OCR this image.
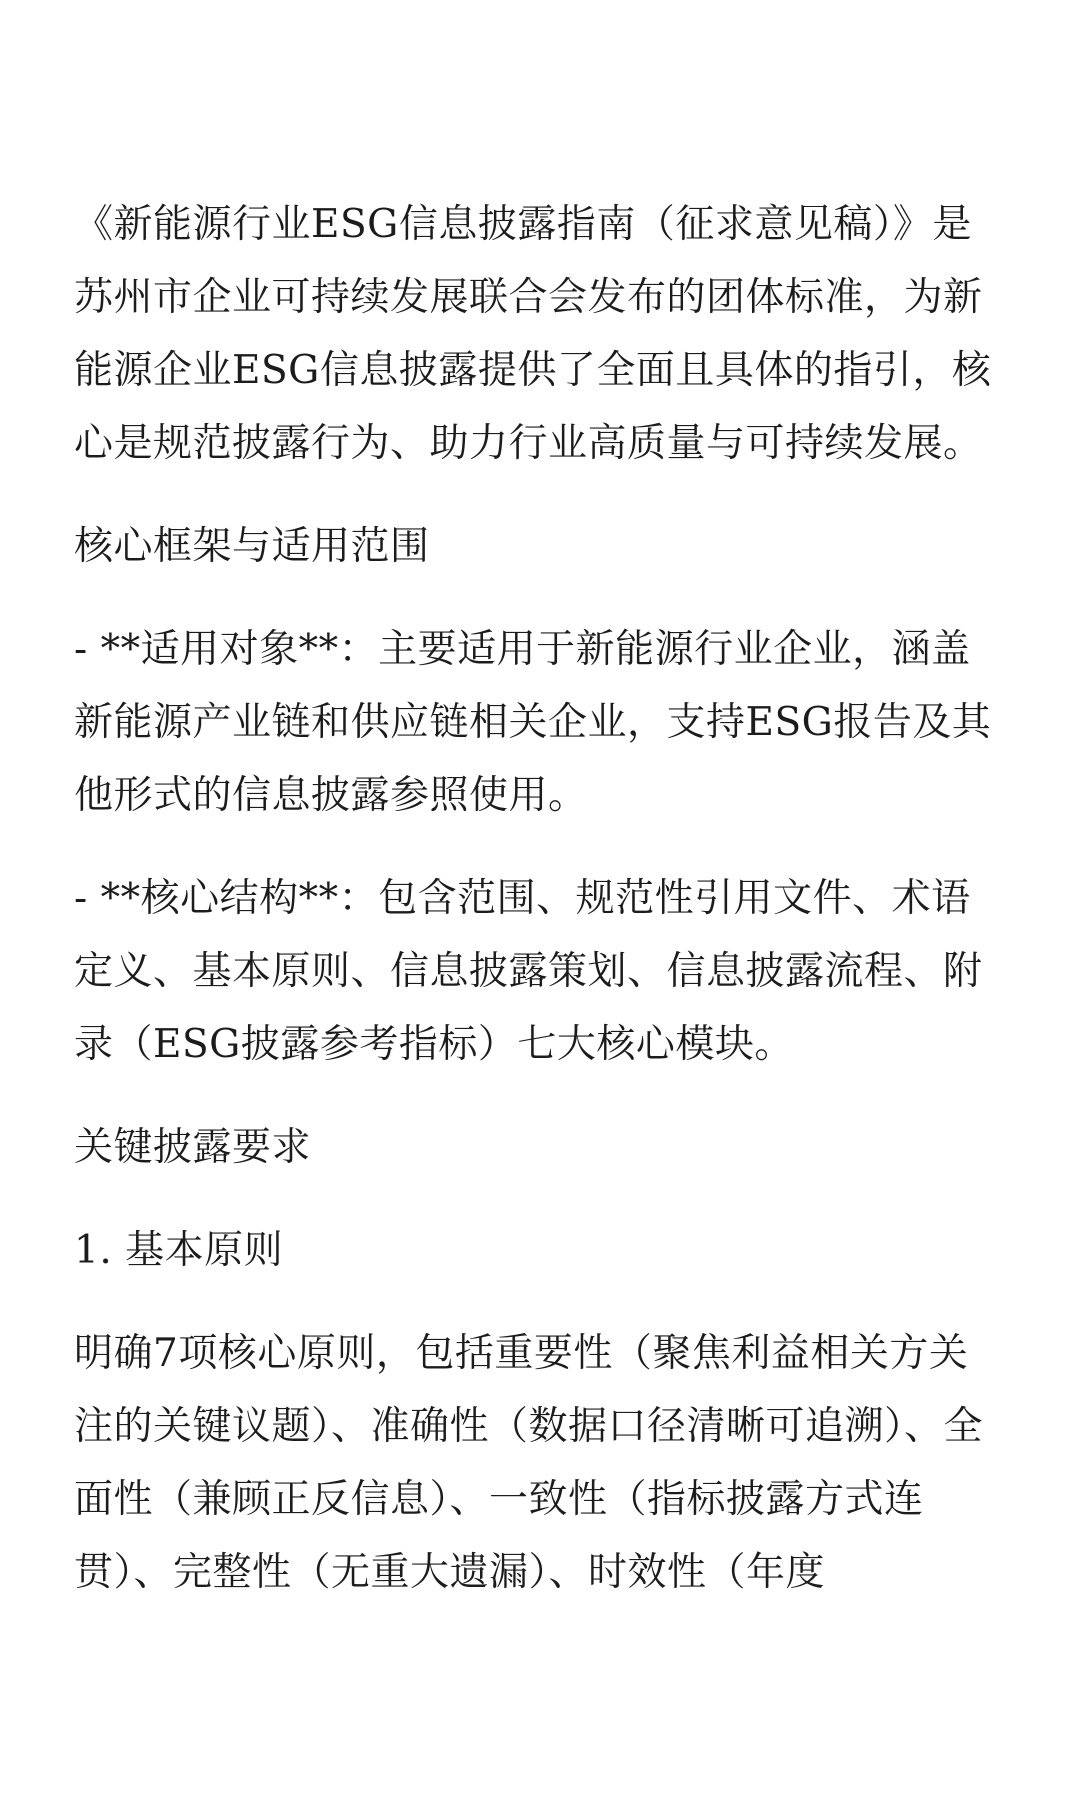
《新能源行业ESG信息披露指南（征求意见稿）》是苏州市企业可持续发展联合会发布的团体标准，为新能源企业ESG信息披露提供了全面且具体的指引，核心是规范披露行为、助力行业高质量与可持续发展。

核心框架与适用范围

- **适用对象**：主要适用于新能源行业企业，涵盖新能源产业链和供应链相关企业，支持ESG报告及其他形式的信息披露参照使用。

- **核心结构**：包含范围、规范性引用文件、术语定义、基本原则、信息披露策划、信息披露流程、附录（ESG披露参考指标）七大核心模块。

关键披露要求

1. 基本原则

明确7项核心原则，包括重要性（聚焦利益相关方关注的关键议题）、准确性（数据口径清晰可追溯）、全面性（兼顾正反信息）、一致性（指标披露方式连贯）、完整性（无重大遗漏）、时效性（年度
